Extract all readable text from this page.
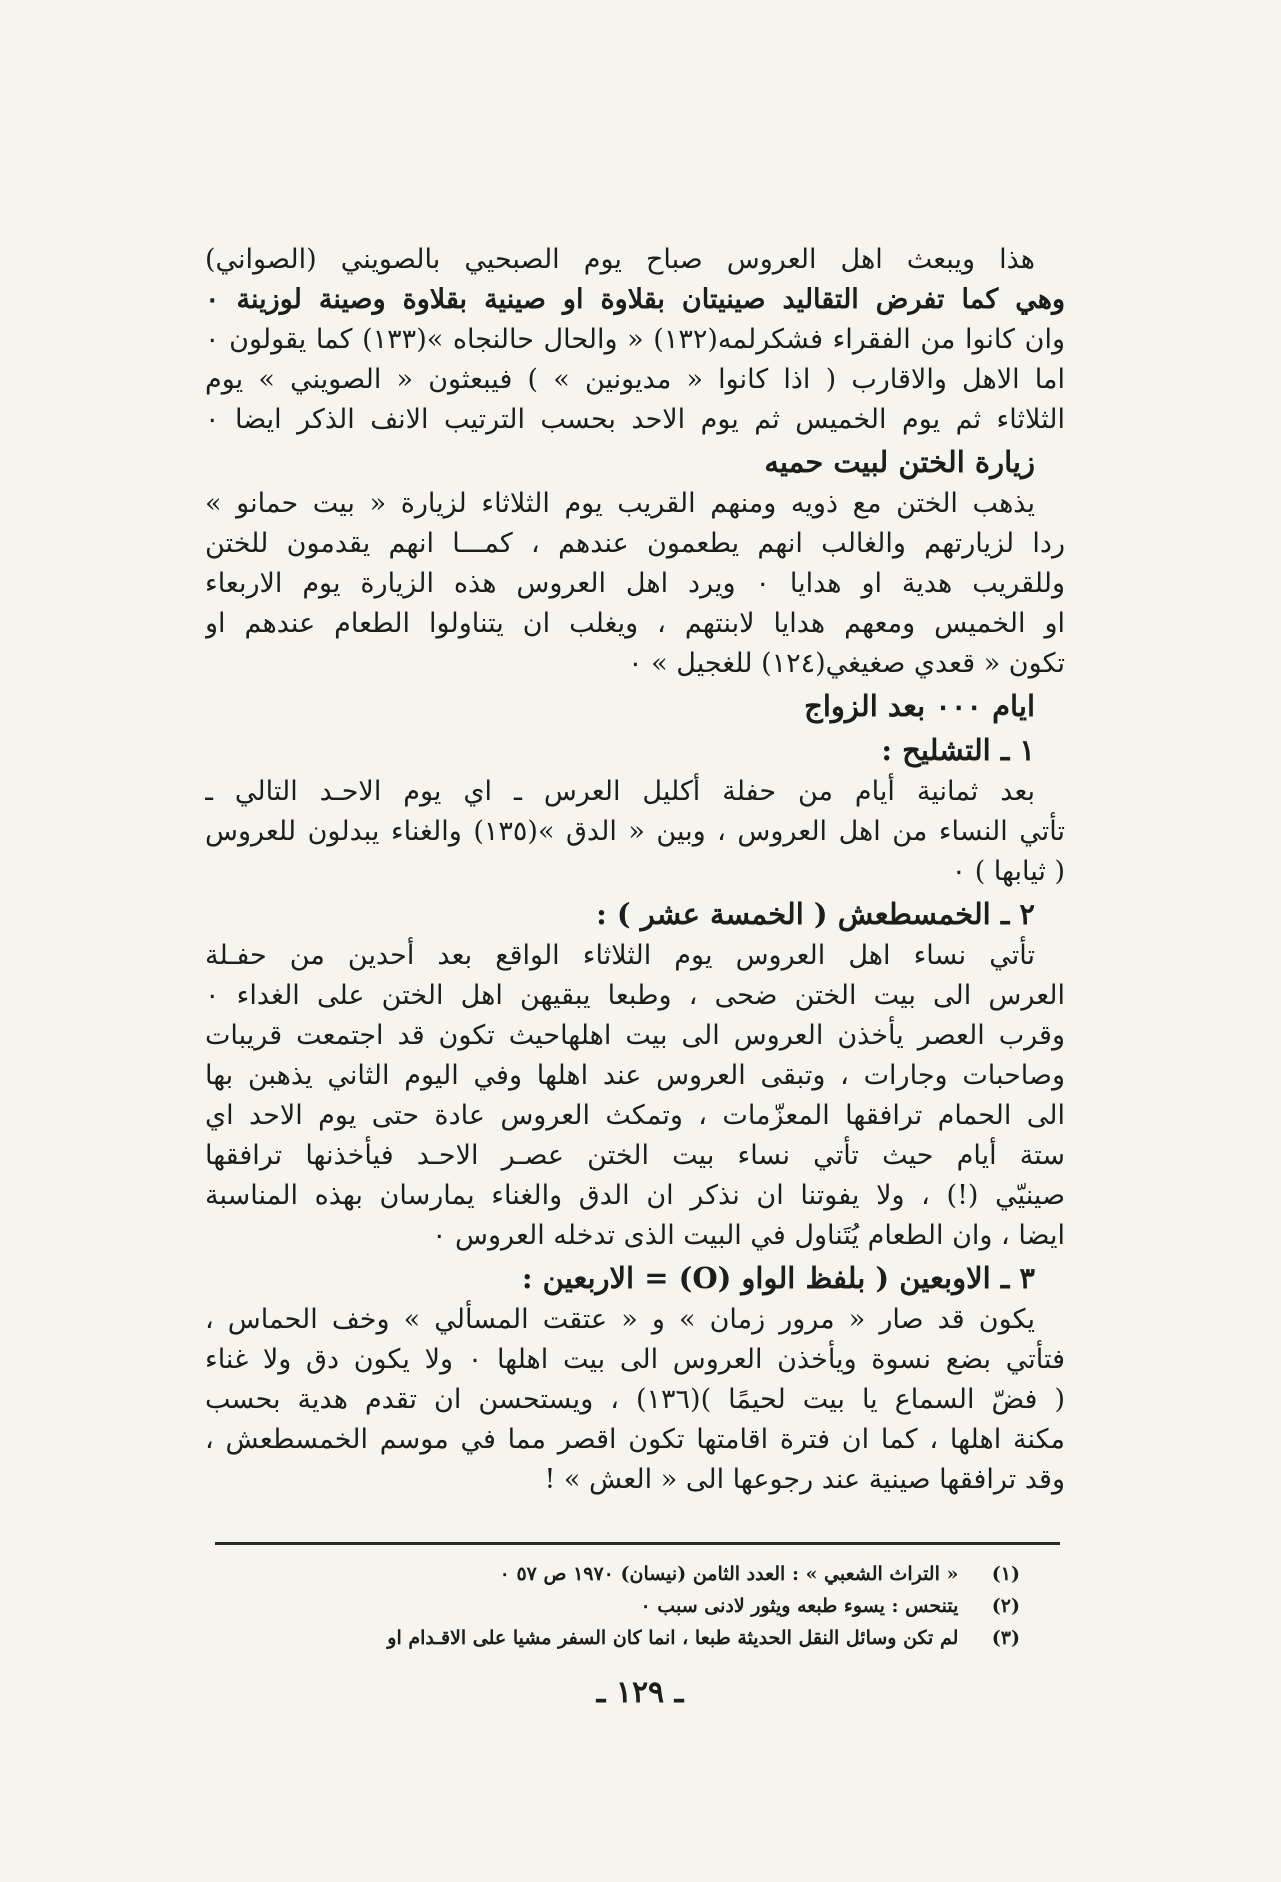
هذا ويبعث اهل العروس صباح يوم الصبحيي بالصويني (الصواني)
وهي كما تفرض التقاليد صينيتان بقلاوة او صينية بقلاوة وصينة لوزينة ٠
وان كانوا من الفقراء فشكرلمه(١٣٢) « والحال حالنجاه »(١٣٣) كما يقولون ٠
اما الاهل والاقارب ( اذا كانوا « مديونين » ) فيبعثون « الصويني » يوم
الثلاثاء ثم يوم الخميس ثم يوم الاحد بحسب الترتيب الانف الذكر ايضا ٠
زيارة الختن لبيت حميه
يذهب الختن مع ذويه ومنهم القريب يوم الثلاثاء لزيارة « بيت حمانو »
ردا لزيارتهم والغالب انهم يطعمون عندهم ، كمـــا انهم يقدمون للختن
وللقريب هدية او هدايا ٠ ويرد اهل العروس هذه الزيارة يوم الاربعاء
او الخميس ومعهم هدايا لابنتهم ، ويغلب ان يتناولوا الطعام عندهم او
تكون « قعدي صغيغي(١٢٤) للغجيل » ٠
ايام ٠٠٠ بعد الزواج
١ ـ التشليح :
بعد ثمانية أيام من حفلة أكليل العرس ـ اي يوم الاحـد التالي ـ
تأتي النساء من اهل العروس ، وبين « الدق »(١٣٥) والغناء يبدلون للعروس
( ثيابها ) ٠
٢ ـ الخمسطعش ( الخمسة عشر ) :
تأتي نساء اهل العروس يوم الثلاثاء الواقع بعد أحدين من حفـلة
العرس الى بيت الختن ضحى ، وطبعا يبقيهن اهل الختن على الغداء ٠
وقرب العصر يأخذن العروس الى بيت اهلهاحيث تكون قد اجتمعت قريبات
وصاحبات وجارات ، وتبقى العروس عند اهلها وفي اليوم الثاني يذهبن بها
الى الحمام ترافقها المعزّمات ، وتمكث العروس عادة حتى يوم الاحد اي
ستة أيام حيث تأتي نساء بيت الختن عصـر الاحـد فيأخذنها ترافقها
صينيّي (!) ، ولا يفوتنا ان نذكر ان الدق والغناء يمارسان بهذه المناسبة
ايضا ، وان الطعام يُتَناول في البيت الذى تدخله العروس ٠
٣ ـ الاوبعين ( بلفظ الواو (O) = الاربعين :
يكون قد صار « مرور زمان » و « عتقت المسألي » وخف الحماس ،
فتأتي بضع نسوة ويأخذن العروس الى بيت اهلها ٠ ولا يكون دق ولا غناء
( فضّ السماع يا بيت لحيمًا )(١٣٦) ، ويستحسن ان تقدم هدية بحسب
مكنة اهلها ، كما ان فترة اقامتها تكون اقصر مما في موسم الخمسطعش ،
وقد ترافقها صينية عند رجوعها الى « العش » !
(١) « التراث الشعبي » : العدد الثامن (نيسان) ١٩٧٠ ص ٥٧ ٠
(٢) يتنحس : يسوء طبعه ويثور لادنى سبب ٠
(٣) لم تكن وسائل النقل الحديثة طبعا ، انما كان السفر مشيا على الاقـدام او
ـ ١٢٩ ـ
